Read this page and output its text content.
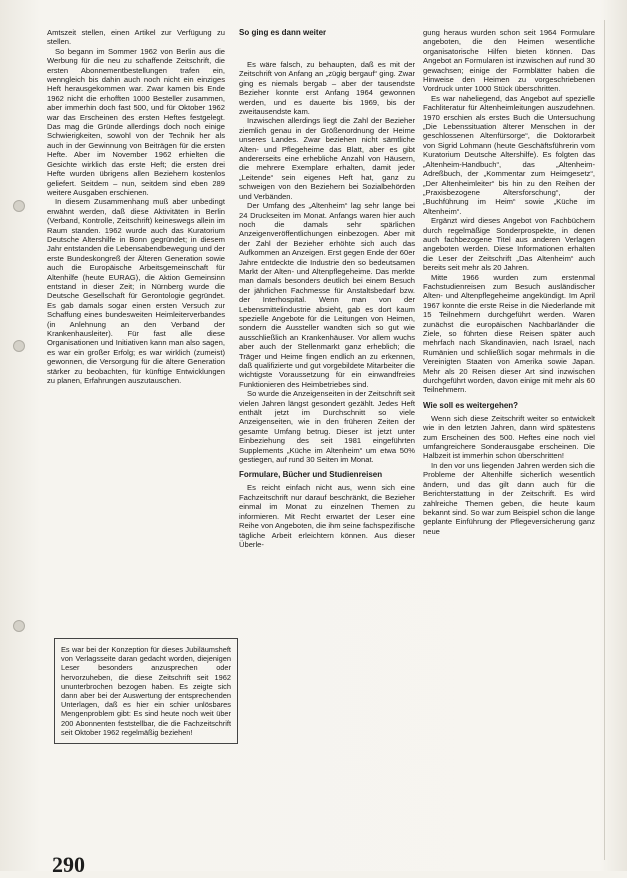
Amtszeit stellen, einen Artikel zur Verfügung zu stellen.

So begann im Sommer 1962 von Berlin aus die Werbung für die neu zu schaffende Zeitschrift, die ersten Abonnementbestellungen trafen ein, wenngleich bis dahin auch noch nicht ein einziges Heft herausgekommen war. Zwar kamen bis Ende 1962 nicht die erhofften 1000 Besteller zusammen, aber immerhin doch fast 500, und für Oktober 1962 war das Erscheinen des ersten Heftes festgelegt. Das mag die Gründe allerdings doch noch einige Schwierigkeiten, sowohl von der Technik her als auch in der Gewinnung von Beiträgen für die ersten Hefte. Aber im November 1962 erhielten die Gesichte wirklich das erste Heft; die ersten drei Hefte wurden übrigens allen Beziehern kostenlos geliefert. Seitdem – nun, seitdem sind eben 289 weitere Ausgaben erschienen.

In diesem Zusammenhang muß aber unbedingt erwähnt werden, daß diese Aktivitäten in Berlin (Verband, Kontrolle, Zeitschrift) keineswegs allein im Raum standen. 1962 wurde auch das Kuratorium Deutsche Altershilfe in Bonn gegründet; in diesem Jahr entstanden die Lebensabendbewegung und der erste Bundeskongreß der Älteren Generation sowie auch die Europäische Arbeitsgemeinschaft für Altenhilfe (heute EURAG), die Aktion Gemeinsinn entstand in dieser Zeit; in Nürnberg wurde die Deutsche Gesellschaft für Gerontologie gegründet. Es gab damals sogar einen ersten Versuch zur Schaffung eines bundesweiten Heimleiterverbandes (in Anlehnung an den Verband der Krankenhausleiter). Für fast alle diese Organisationen und Initiativen kann man also sagen, es war ein großer Erfolg; es war wirklich (zumeist) gewonnen, die Versorgung für die ältere Generation stärker zu beobachten, für künftige Entwicklungen zu planen, Erfahrungen auszutauschen.

Es war bei der Konzeption für dieses Jubiläumsheft von Verlagsseite daran gedacht worden, diejenigen Leser besonders anzusprechen oder hervorzuheben, die diese Zeitschrift seit 1962 ununterbrochen bezogen haben. Es zeigte sich dann aber bei der Auswertung der entsprechenden Unterlagen, daß es hier ein schier unlösbares Mengenproblem gibt: Es sind heute noch weit über 200 Abonnenten feststellbar, die die Fachzeitschrift seit Oktober 1962 regelmäßig beziehen!
So ging es dann weiter

Es wäre falsch, zu behaupten, daß es mit der Zeitschrift von Anfang an „zügig bergauf“ ging. Zwar ging es niemals bergab – aber der tausendste Bezieher konnte erst Anfang 1964 gewonnen werden, und es dauerte bis 1969, bis der zweitausendste kam.

Inzwischen allerdings liegt die Zahl der Bezieher ziemlich genau in der Größenordnung der Heime unseres Landes. Zwar beziehen nicht sämtliche Alten- und Pflegeheime das Blatt, aber es gibt andererseits eine erhebliche Anzahl von Häusern, die mehrere Exemplare erhalten, damit jeder „Leitende“ sein eigenes Heft hat, ganz zu schweigen von den Beziehern bei Sozialbehörden und Verbänden.

Der Umfang des „Altenheim“ lag sehr lange bei 24 Druckseiten im Monat. Anfangs waren hier auch noch die damals sehr spärlichen Anzeigenveröffentlichungen einbezogen. Aber mit der Zahl der Bezieher erhöhte sich auch das Aufkommen an Anzeigen. Erst gegen Ende der 60er Jahre entdeckte die Industrie den so bedeutsamen Markt der Alten- und Altenpflegeheime. Das merkte man damals besonders deutlich bei einem Besuch der jährlichen Fachmesse für Anstaltsbedarf bzw. der Interhospital. Wenn man von der Lebensmittelindustrie absieht, gab es dort kaum spezielle Angebote für die Leitungen von Heimen, sondern die Aussteller wandten sich so gut wie ausschließlich an Krankenhäuser. Vor allem wuchs aber auch der Stellenmarkt ganz erheblich; die Träger und Heime fingen endlich an zu erkennen, daß qualifizierte und gut vorgebildete Mitarbeiter die wichtigste Voraussetzung für ein einwandfreies Funktionieren des Heimbetriebes sind.

So wurde die Anzeigenseiten in der Zeitschrift seit vielen Jahren längst gesondert gezählt. Jedes Heft enthält jetzt im Durchschnitt so viele Anzeigenseiten, wie in den früheren Zeiten der gesamte Umfang betrug. Dieser ist jetzt unter Einbeziehung des seit 1981 eingeführten Supplements „Küche im Altenheim“ um etwa 50% gestiegen, auf rund 30 Seiten im Monat.

Formulare, Bücher und Studienreisen

Es reicht einfach nicht aus, wenn sich eine Fachzeitschrift nur darauf beschränkt, die Bezieher einmal im Monat zu einzelnen Themen zu informieren. Mit Recht erwartet der Leser eine Reihe von Angeboten, die ihm seine fachspezifische tägliche Arbeit erleichtern können. Aus dieser Überle-

gung heraus wurden schon seit 1964 Formulare angeboten, die den Heimen wesentliche organisatorische Hilfen bieten können. Das Angebot an Formularen ist inzwischen auf rund 30 gewachsen; einige der Formblätter haben die Hinweise den Heimen zu vorgeschriebenen Vordruck unter 1000 Stück überschritten.

Es war naheliegend, das Angebot auf spezielle Fachliteratur für Altenheimleitungen auszudehnen. 1970 erschien als erstes Buch die Untersuchung „Die Lebenssituation älterer Menschen in der geschlossenen Altenfürsorge“, die Doktorarbeit von Sigrid Lohmann (heute Geschäftsführerin vom Kuratorium Deutsche Altershilfe). Es folgten das „Altenheim-Handbuch“, das „Altenheim-Adreßbuch, der „Kommentar zum Heimgesetz“, „Der Altenheimleiter“ bis hin zu den Reihen der „Praxisbezogene Altersforschung“, der „Buchführung im Heim“ sowie „Küche im Altenheim“.

Ergänzt wird dieses Angebot von Fachbüchern durch regelmäßige Sonderprospekte, in denen auch fachbezogene Titel aus anderen Verlagen angeboten werden. Diese Informationen erhalten die Leser der Zeitschrift „Das Altenheim“ auch bereits seit mehr als 20 Jahren.

Mitte 1966 wurden zum erstenmal Fachstudienreisen zum Besuch ausländischer Alten- und Altenpflegeheime angekündigt. Im April 1967 konnte die erste Reise in die Niederlande mit 15 Teilnehmern durchgeführt werden. Waren zunächst die europäischen Nachbarländer die Ziele, so führten diese Reisen später auch mehrfach nach Skandinavien, nach Israel, nach Rumänien und schließlich sogar mehrmals in die Vereinigten Staaten von Amerika sowie Japan. Mehr als 20 Reisen dieser Art sind inzwischen durchgeführt worden, davon einige mit mehr als 60 Teilnehmern.

Wie soll es weitergehen?

Wenn sich diese Zeitschrift weiter so entwickelt wie in den letzten Jahren, dann wird spätestens zum Erscheinen des 500. Heftes eine noch viel umfangreichere Sonderausgabe erscheinen. Die Halbzeit ist immerhin schon überschritten!

In den vor uns liegenden Jahren werden sich die Probleme der Altenhilfe sicherlich wesentlich ändern, und das gilt dann auch für die Berichterstattung in der Zeitschrift. Es wird zahlreiche Themen geben, die heute kaum bekannt sind. So war zum Beispiel schon die lange geplante Einführung der Pflegeversicherung ganz neue

290
